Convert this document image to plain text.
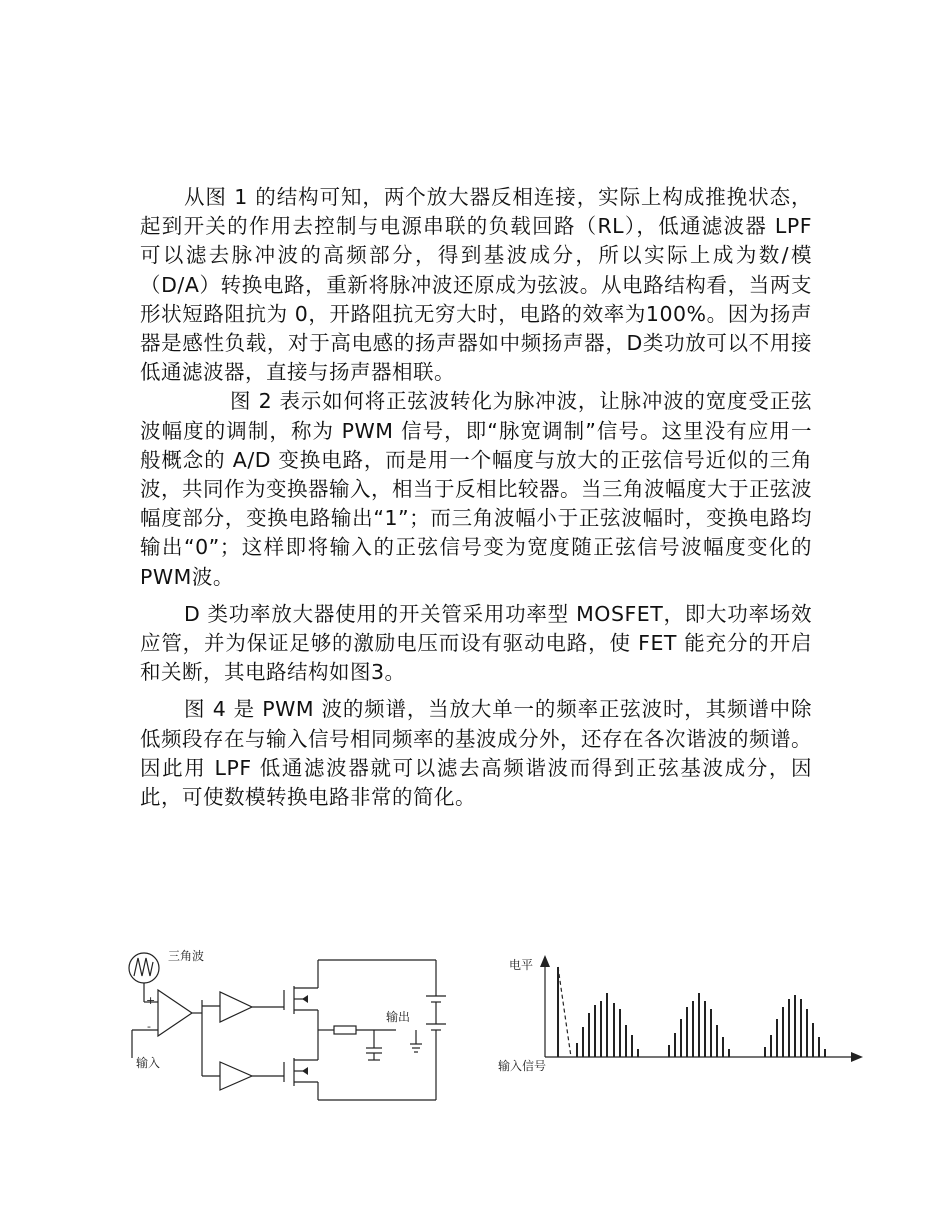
从图 1 的结构可知，两个放大器反相连接，实际上构成推挽状态，起到开关的作用去控制与电源串联的负载回路（RL），低通滤波器 LPF 可以滤去脉冲波的高频部分，得到基波成分，所以实际上成为数/模（D/A）转换电路，重新将脉冲波还原成为弦波。从电路结构看，当两支形状短路阻抗为 0，开路阻抗无穷大时，电路的效率为100%。因为扬声器是感性负载，对于高电感的扬声器如中频扬声器，D类功放可以不用接低通滤波器，直接与扬声器相联。

图 2 表示如何将正弦波转化为脉冲波，让脉冲波的宽度受正弦波幅度的调制，称为 PWM 信号，即“脉宽调制”信号。这里没有应用一般概念的 A/D 变换电路，而是用一个幅度与放大的正弦信号近似的三角波，共同作为变换器输入，相当于反相比较器。当三角波幅度大于正弦波幅度部分，变换电路输出“1”；而三角波幅小于正弦波幅时，变换电路均输出“0”；这样即将输入的正弦信号变为宽度随正弦信号波幅度变化的PWM波。

D 类功率放大器使用的开关管采用功率型 MOSFET，即大功率场效应管，并为保证足够的激励电压而设有驱动电路，使 FET 能充分的开启和关断，其电路结构如图3。

图 4 是 PWM 波的频谱，当放大单一的频率正弦波时，其频谱中除低频段存在与输入信号相同频率的基波成分外，还存在各次谐波的频谱。因此用 LPF 低通滤波器就可以滤去高频谐波而得到正弦基波成分，因此，可使数模转换电路非常的简化。

三角波
+
-
输入
输出
电平
输入信号
